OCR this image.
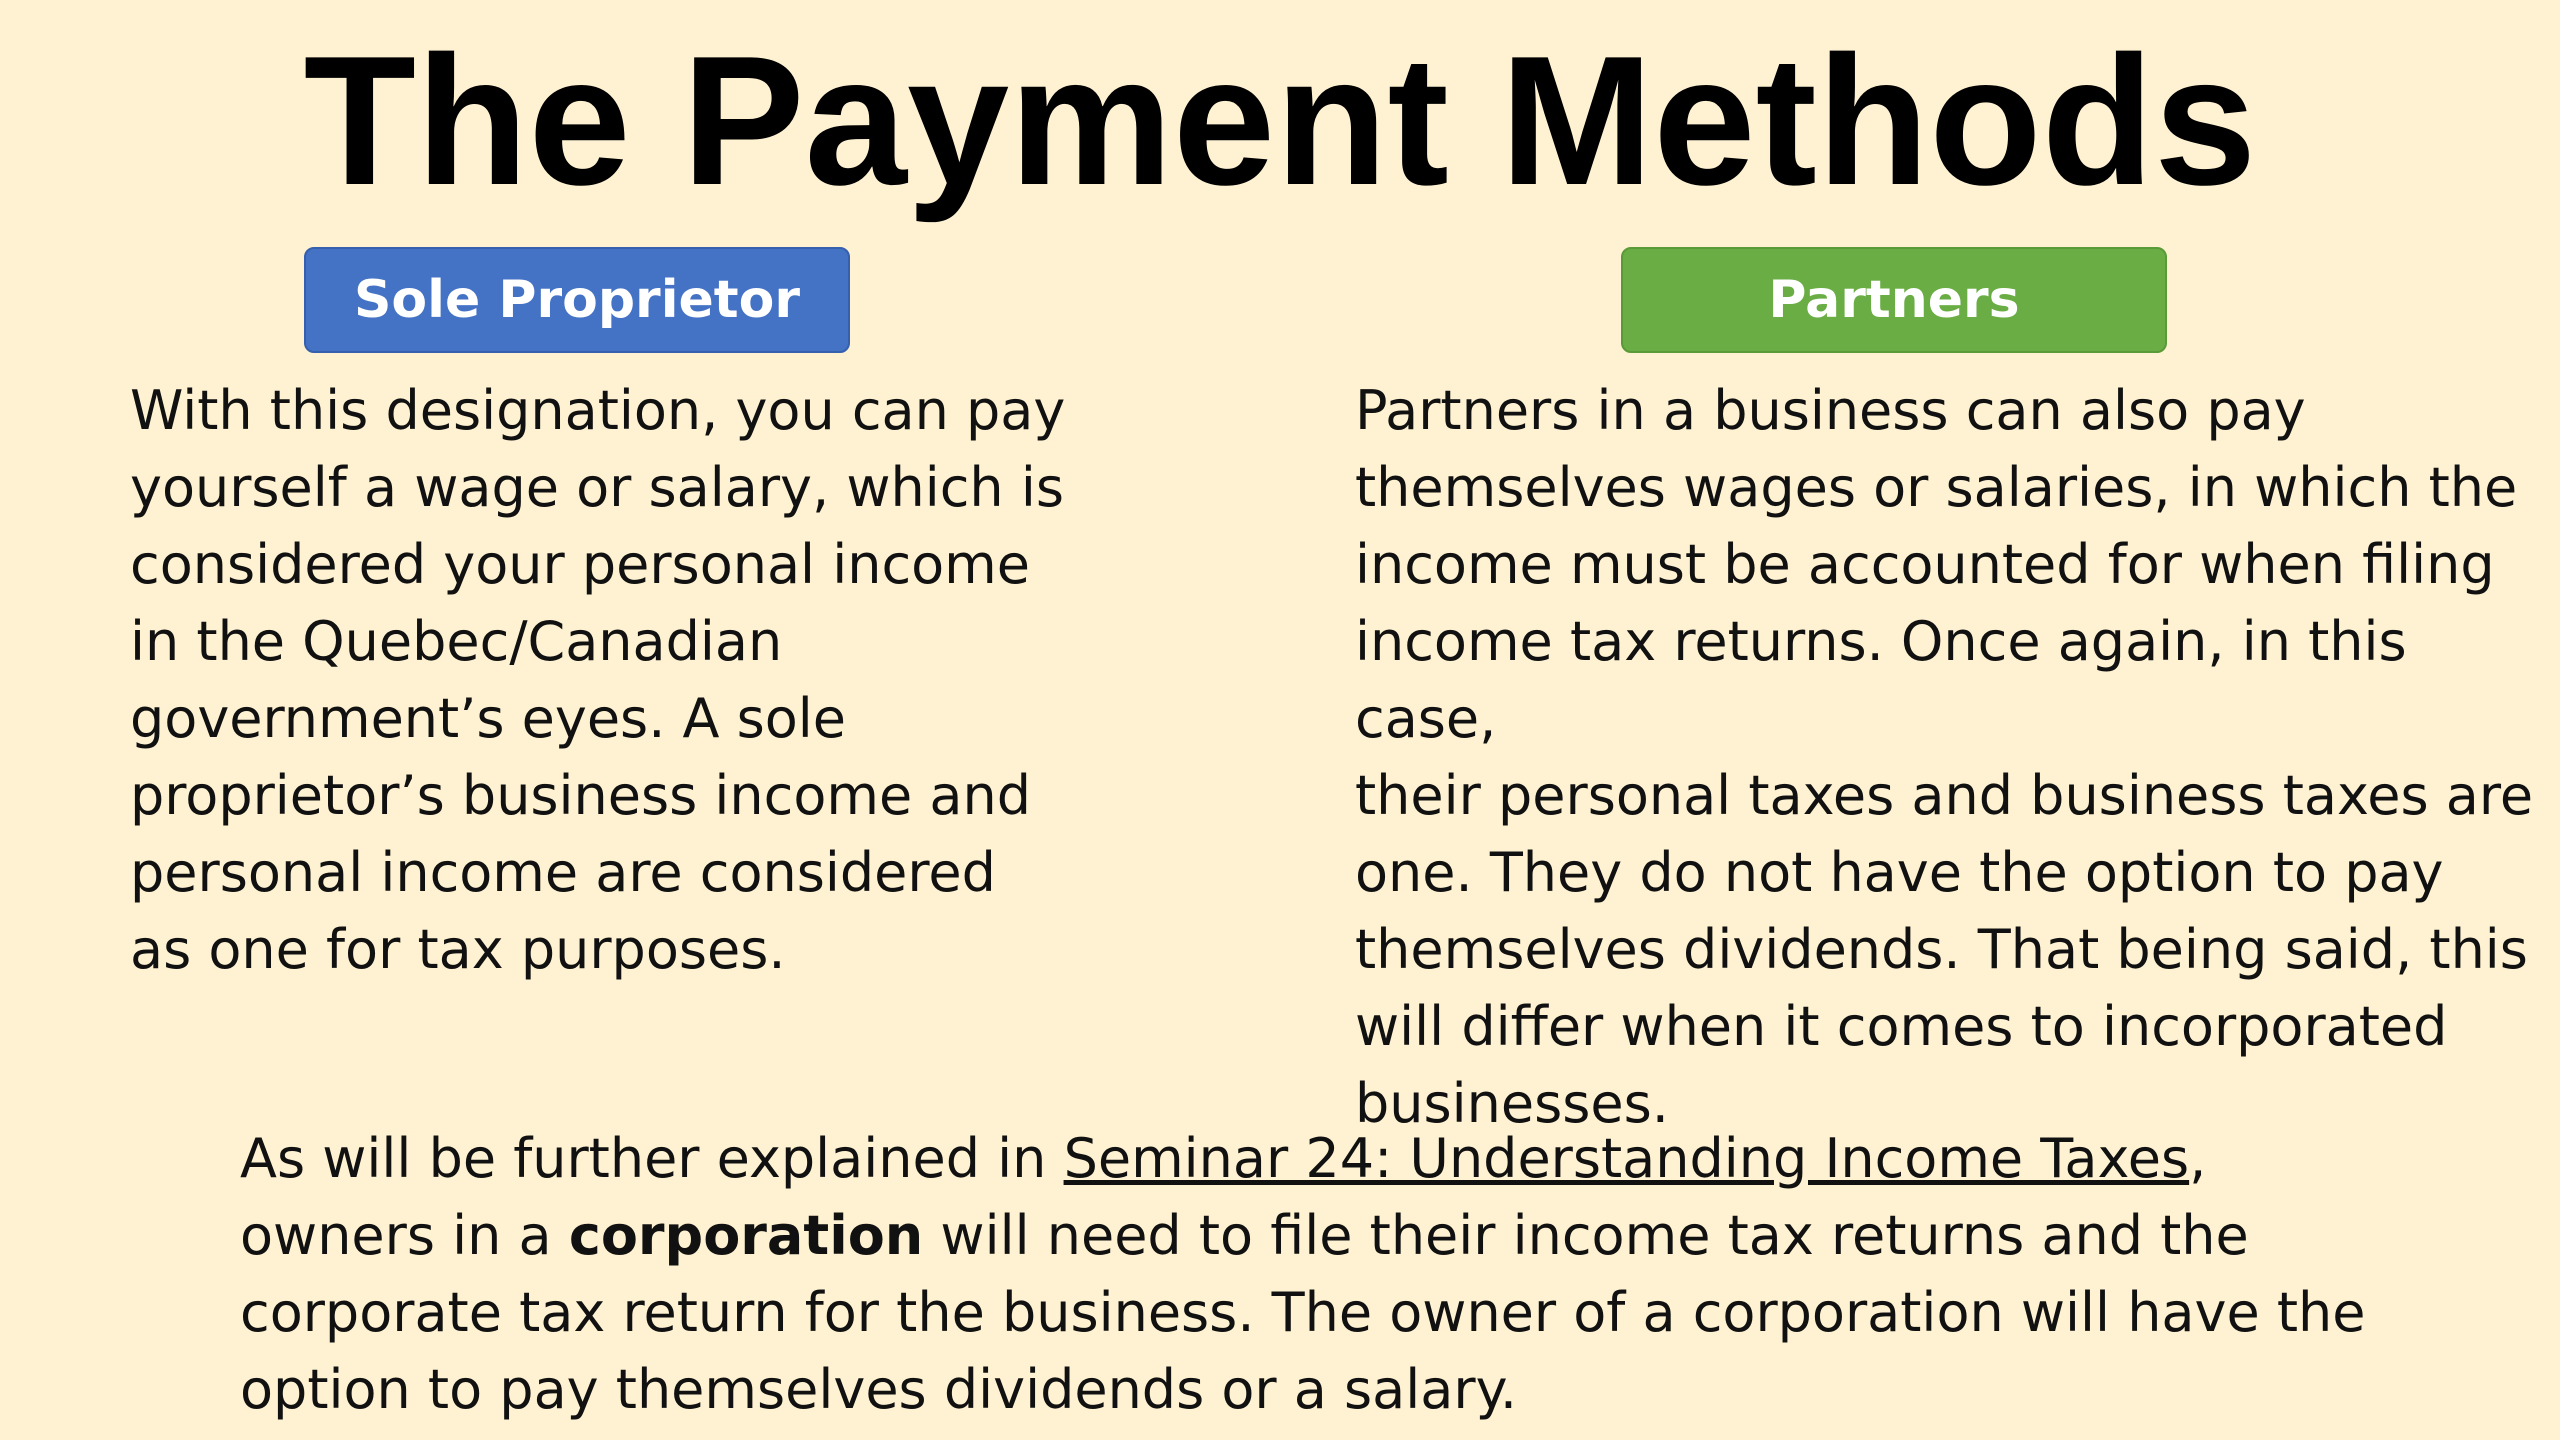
The Payment Methods
Sole Proprietor	Partners

With this designation, you can pay
yourself a wage or salary, which is
considered your personal income
in the Quebec/Canadian
government’s eyes. A sole
proprietor’s business income and
personal income are considered
as one for tax purposes.

Partners in a business can also pay
themselves wages or salaries, in which the
income must be accounted for when filing
income tax returns. Once again, in this case,
their personal taxes and business taxes are
one. They do not have the option to pay
themselves dividends. That being said, this
will differ when it comes to incorporated
businesses.

As will be further explained in Seminar 24: Understanding Income Taxes,
owners in a corporation will need to file their income tax returns and the
corporate tax return for the business. The owner of a corporation will have the
option to pay themselves dividends or a salary.
